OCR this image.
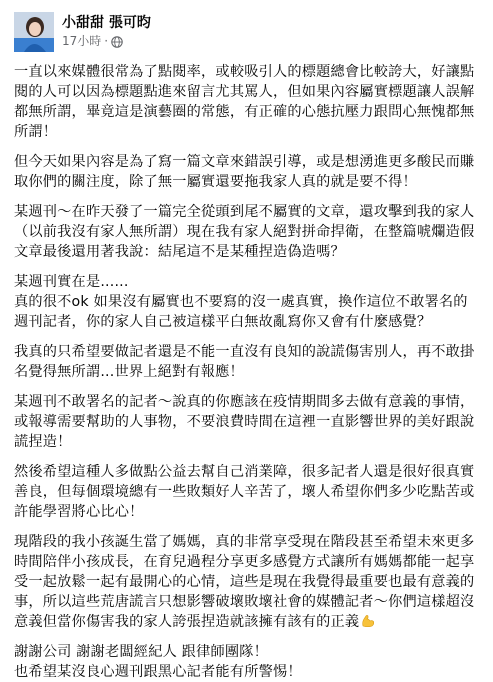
小甜甜 張可昀
17小時 ·

一直以來媒體很常為了點閱率，或較吸引人的標題總會比較誇大，好讓點閱的人可以因為標題點進來留言尤其罵人，但如果內容屬實標題讓人誤解都無所謂，畢竟這是演藝圈的常態，有正確的心態抗壓力跟問心無愧都無所謂！

但今天如果內容是為了寫一篇文章來錯誤引導，或是想湧進更多酸民而賺取你們的關注度，除了無一屬實還要拖我家人真的就是要不得！

某週刊～在昨天發了一篇完全從頭到尾不屬實的文章，還攻擊到我的家人（以前我沒有家人無所謂）現在我有家人絕對拼命捍衛，在整篇唬爛造假文章最後還用著我說：結尾這不是某種捏造偽造嗎？

某週刊實在是......
真的很不ok 如果沒有屬實也不要寫的沒一處真實，換作這位不敢署名的週刊記者，你的家人自己被這樣平白無故亂寫你又會有什麼感覺？

我真的只希望要做記者還是不能一直沒有良知的說謊傷害別人，再不敢掛名覺得無所謂...世界上絕對有報應！

某週刊不敢署名的記者～說真的你應該在疫情期間多去做有意義的事情，或報導需要幫助的人事物，不要浪費時間在這裡一直影響世界的美好跟說謊捏造！

然後希望這種人多做點公益去幫自己消業障，很多記者人還是很好很真實善良，但每個環境總有一些敗類好人辛苦了，壞人希望你們多少吃點苦或許能學習將心比心！

現階段的我小孩誕生當了媽媽，真的非常享受現在階段甚至希望未來更多時間陪伴小孩成長，在育兒過程分享更多感覺方式讓所有媽媽都能一起享受一起放鬆一起有最開心的心情，這些是現在我覺得最重要也最有意義的事，所以這些荒唐謊言只想影響破壞敗壞社會的媒體記者～你們這樣超沒意義但當你傷害我的家人誇張捏造就該擁有該有的正義

謝謝公司 謝謝老闆經紀人 跟律師團隊！

也希望某沒良心週刊跟黑心記者能有所警惕！
